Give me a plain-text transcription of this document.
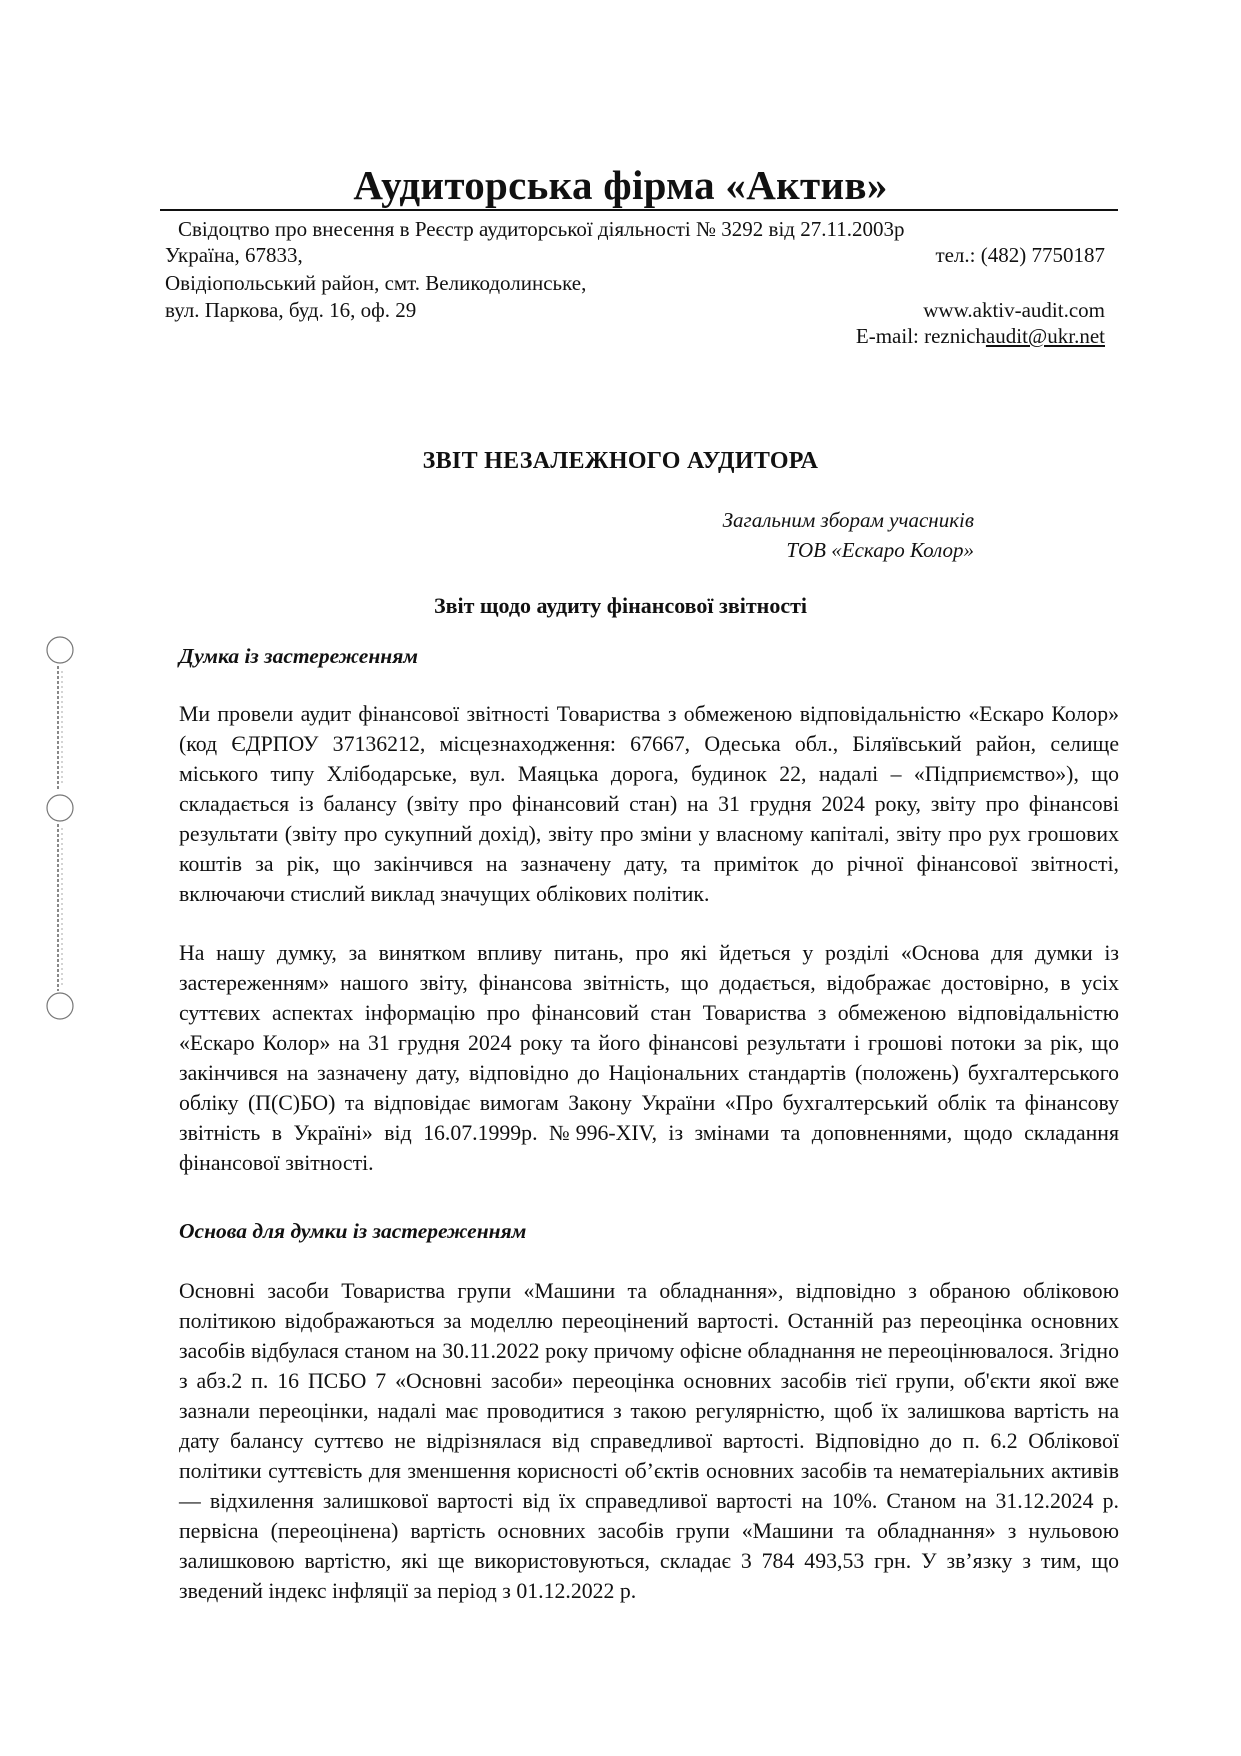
Аудиторська фірма «Актив»
Свідоцтво про внесення в Реєстр аудиторської діяльності № 3292 від 27.11.2003р
Україна, 67833,	тел.: (482) 7750187
Овідіопольський район, смт. Великодолинське,
вул. Паркова, буд. 16, оф. 29	www.aktiv-audit.com
E-mail: reznichaudit@ukr.net
ЗВІТ НЕЗАЛЕЖНОГО АУДИТОРА
Загальним зборам учасників
ТОВ «Ескаро Колор»
Звіт щодо аудиту фінансової звітності
Думка із застереженням

Ми провели аудит фінансової звітності Товариства з обмеженою відповідальністю «Ескаро Колор» (код ЄДРПОУ 37136212, місцезнаходження: 67667, Одеська обл., Біляївський район, селище міського типу Хлібодарське, вул. Маяцька дорога, будинок 22, надалі – «Підприємство»), що складається із балансу (звіту про фінансовий стан) на 31 грудня 2024 року, звіту про фінансові результати (звіту про сукупний дохід), звіту про зміни у власному капіталі, звіту про рух грошових коштів за рік, що закінчився на зазначену дату, та приміток до річної фінансової звітності, включаючи стислий виклад значущих облікових політик.

На нашу думку, за винятком впливу питань, про які йдеться у розділі «Основа для думки із застереженням» нашого звіту, фінансова звітність, що додається, відображає достовірно, в усіх суттєвих аспектах інформацію про фінансовий стан Товариства з обмеженою відповідальністю «Ескаро Колор» на 31 грудня 2024 року та його фінансові результати і грошові потоки за рік, що закінчився на зазначену дату, відповідно до Національних стандартів (положень) бухгалтерського обліку (П(С)БО) та відповідає вимогам Закону України «Про бухгалтерський облік та фінансову звітність в Україні» від 16.07.1999р. №996-XIV, із змінами та доповненнями, щодо складання фінансової звітності.

Основа для думки із застереженням

Основні засоби Товариства групи «Машини та обладнання», відповідно з обраною обліковою політикою відображаються за моделлю переоцінений вартості. Останній раз переоцінка основних засобів відбулася станом на 30.11.2022 року причому офісне обладнання не переоцінювалося. Згідно з абз.2 п. 16 ПСБО 7 «Основні засоби» переоцінка основних засобів тієї групи, об'єкти якої вже зазнали переоцінки, надалі має проводитися з такою регулярністю, щоб їх залишкова вартість на дату балансу суттєво не відрізнялася від справедливої вартості. Відповідно до п. 6.2 Облікової політики суттєвість для зменшення корисності об’єктів основних засобів та нематеріальних активів — відхилення залишкової вартості від їх справедливої вартості на 10%. Станом на 31.12.2024 р. первісна (переоцінена) вартість основних засобів групи «Машини та обладнання» з нульовою залишковою вартістю, які ще використовуються, складає 3 784 493,53 грн. У зв’язку з тим, що зведений індекс інфляції за період з 01.12.2022 р.
